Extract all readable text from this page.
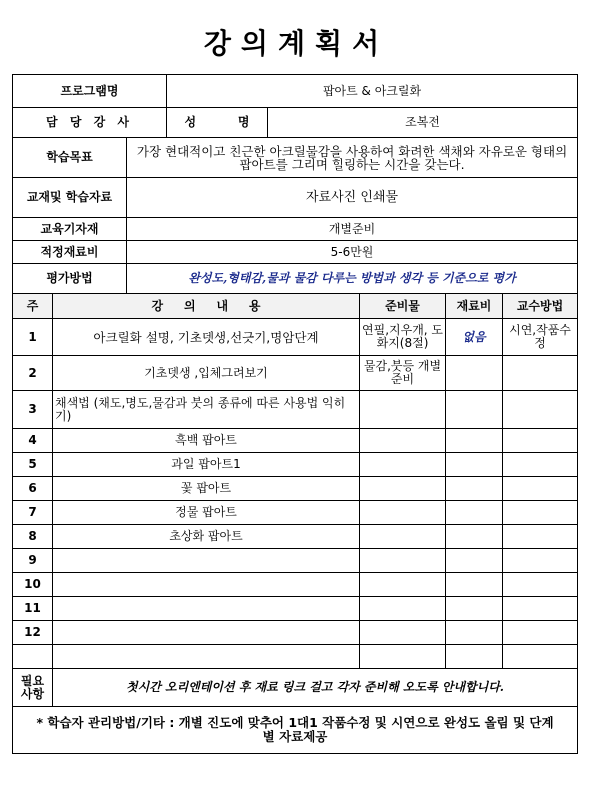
강의계획서
프로그램명			팝아트 & 아크릴화				
담 당 강 사			성          명	조복전			
학습목표		가장 현대적이고 친근한 아크릴물감을 사용하여 화려한 색채와 자유로운 형태의 팝아트를 그리며 힐링하는 시간을 갖는다.					
교재및 학습자료		자료사진 인쇄물					
교육기자재		개별준비					
적정재료비		5-6만원					
평가방법		완성도,형태감,물과 물감 다루는 방법과 생각 등 기준으로 평가					
주	강     의     내     용				준비물	재료비	교수방법
1	아크릴화 설명, 기초뎃생,선긋기,명암단계				연필,지우개, 도화지(8절)	없음	시연,작품수정
2	기초뎃생 ,입체그려보기				물감,붓등 개별 준비		
3	채색법 (채도,명도,물감과 붓의 종류에 따른 사용법 익히기)						
4	흑백 팝아트						
5	과일 팝아트1						
6	꽃 팝아트						
7	정물 팝아트						
8	초상화 팝아트						
9							
10							
11							
12							

필요 사항	첫시간 오리엔테이션 후 재료 링크 걸고 각자 준비해 오도록 안내합니다.						
* 학습자 관리방법/기타 : 개별 진도에 맞추어 1대1 작품수정 및 시연으로 완성도 올림 및 단계별 자료제공							
